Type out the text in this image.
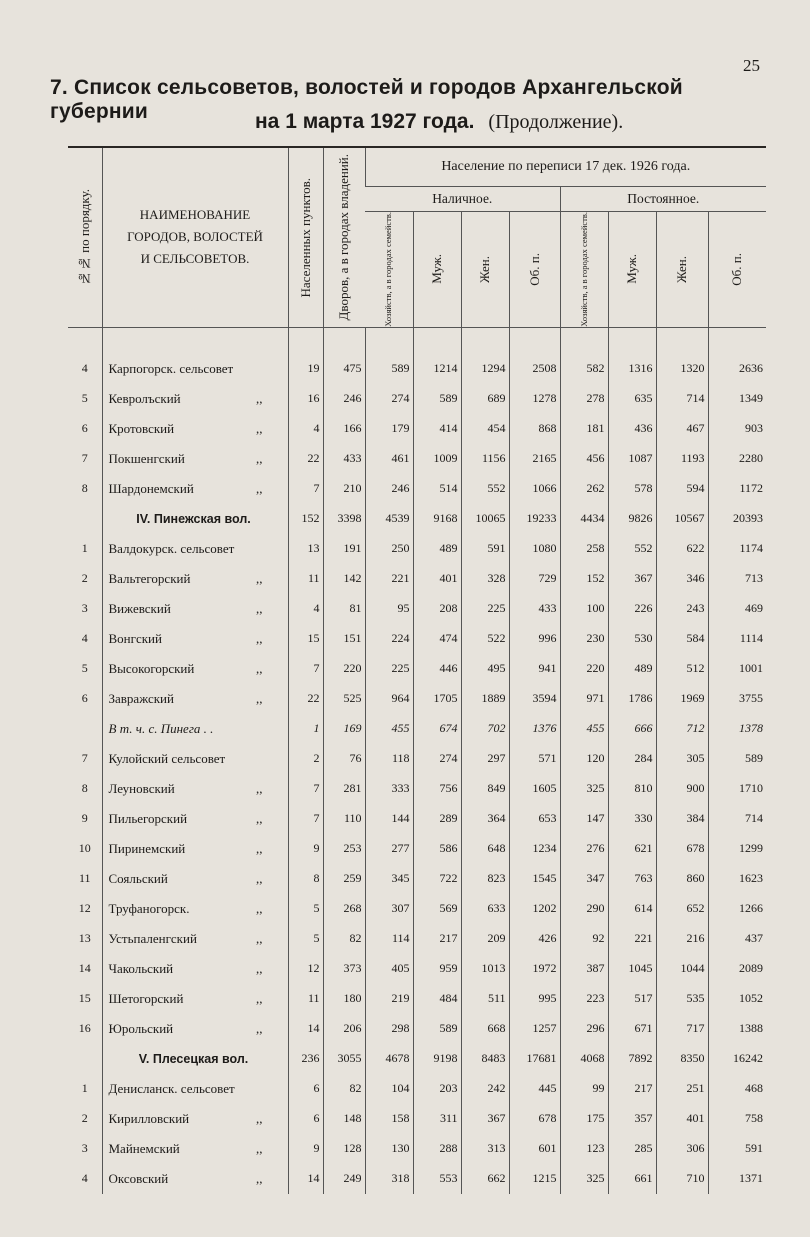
25
7. Список сельсоветов, волостей и городов Архангельской губернии	на 1 марта 1927 года. (Продолжение).
№№ по порядку.	НАИМЕНОВАНИЕ
ГОРОДОВ, ВОЛОСТЕЙ
И СЕЛЬСОВЕТОВ.	Населенных пунктов.	Дворов, а в городах владений.	Население по переписи 17 дек. 1926 года.							
				Наличное.				Постоянное.			

				Хозяйств, а в городах семейств.	Муж.	Жен.	Об. п.	Хозяйств, а в городах семейств.	Муж.	Жен.	Об. п.

4	Карпогорск. сельсовет	19	475	589	1214	1294	2508	582	1316	1320	2636
5	Кевролъский ,,	16	246	274	589	689	1278	278	635	714	1349
6	Кротовский ,,	4	166	179	414	454	868	181	436	467	903
7	Покшенгский ,,	22	433	461	1009	1156	2165	456	1087	1193	2280
8	Шардонемский ,,	7	210	246	514	552	1066	262	578	594	1172
	IV. Пинежская вол.	152	3398	4539	9168	10065	19233	4434	9826	10567	20393
1	Валдокурск. сельсовет	13	191	250	489	591	1080	258	552	622	1174
2	Вальтегорский ,,	11	142	221	401	328	729	152	367	346	713
3	Вижевский ,,	4	81	95	208	225	433	100	226	243	469
4	Вонгский ,,	15	151	224	474	522	996	230	530	584	1114
5	Высокогорский ,,	7	220	225	446	495	941	220	489	512	1001
6	Завражский ,,	22	525	964	1705	1889	3594	971	1786	1969	3755
	В т. ч. с. Пинега . .	1	169	455	674	702	1376	455	666	712	1378
7	Кулойский сельсовет	2	76	118	274	297	571	120	284	305	589
8	Леуновский ,,	7	281	333	756	849	1605	325	810	900	1710
9	Пильегорский ,,	7	110	144	289	364	653	147	330	384	714
10	Пиринемский ,,	9	253	277	586	648	1234	276	621	678	1299
11	Сояльский ,,	8	259	345	722	823	1545	347	763	860	1623
12	Труфаногорск. ,,	5	268	307	569	633	1202	290	614	652	1266
13	Устьпаленгский ,,	5	82	114	217	209	426	92	221	216	437
14	Чакольский ,,	12	373	405	959	1013	1972	387	1045	1044	2089
15	Шетогорский ,,	11	180	219	484	511	995	223	517	535	1052
16	Юрольский ,,	14	206	298	589	668	1257	296	671	717	1388
	V. Плесецкая вол.	236	3055	4678	9198	8483	17681	4068	7892	8350	16242
1	Денисланск. сельсовет	6	82	104	203	242	445	99	217	251	468
2	Кирилловский ,,	6	148	158	311	367	678	175	357	401	758
3	Майнемский ,,	9	128	130	288	313	601	123	285	306	591
4	Оксовский ,,	14	249	318	553	662	1215	325	661	710	1371
